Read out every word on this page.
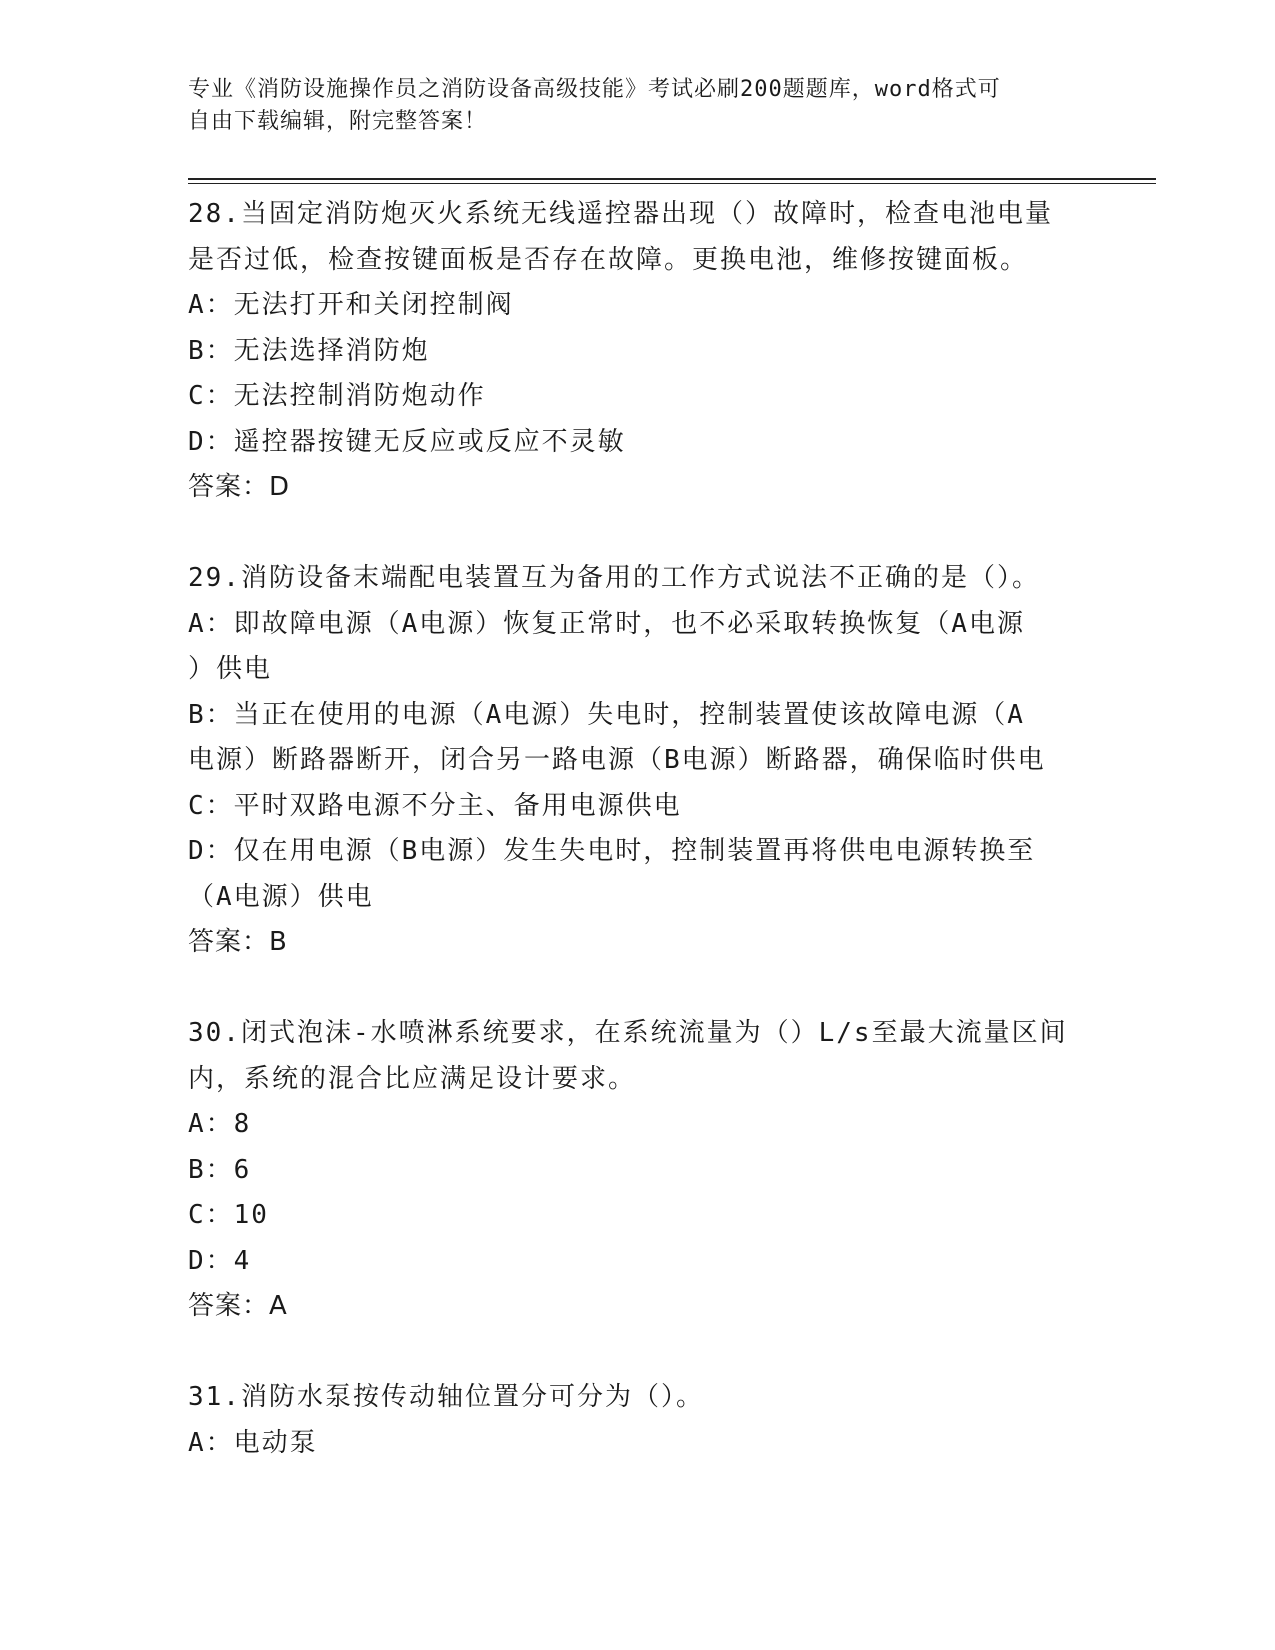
专业《消防设施操作员之消防设备高级技能》考试必刷200题题库，word格式可
自由下载编辑，附完整答案！
28.当固定消防炮灭火系统无线遥控器出现（）故障时，检查电池电量
是否过低，检查按键面板是否存在故障。更换电池，维修按键面板。
A：无法打开和关闭控制阀
B：无法选择消防炮
C：无法控制消防炮动作
D：遥控器按键无反应或反应不灵敏
答案：D
29.消防设备末端配电装置互为备用的工作方式说法不正确的是（）。
A：即故障电源（A电源）恢复正常时，也不必采取转换恢复（A电源
）供电
B：当正在使用的电源（A电源）失电时，控制装置使该故障电源（A
电源）断路器断开，闭合另一路电源（B电源）断路器，确保临时供电
C：平时双路电源不分主、备用电源供电
D：仅在用电源（B电源）发生失电时，控制装置再将供电电源转换至
（A电源）供电
答案：B
30.闭式泡沫-水喷淋系统要求，在系统流量为（）L/s至最大流量区间
内，系统的混合比应满足设计要求。
A：8
B：6
C：10
D：4
答案：A
31.消防水泵按传动轴位置分可分为（）。
A：电动泵
